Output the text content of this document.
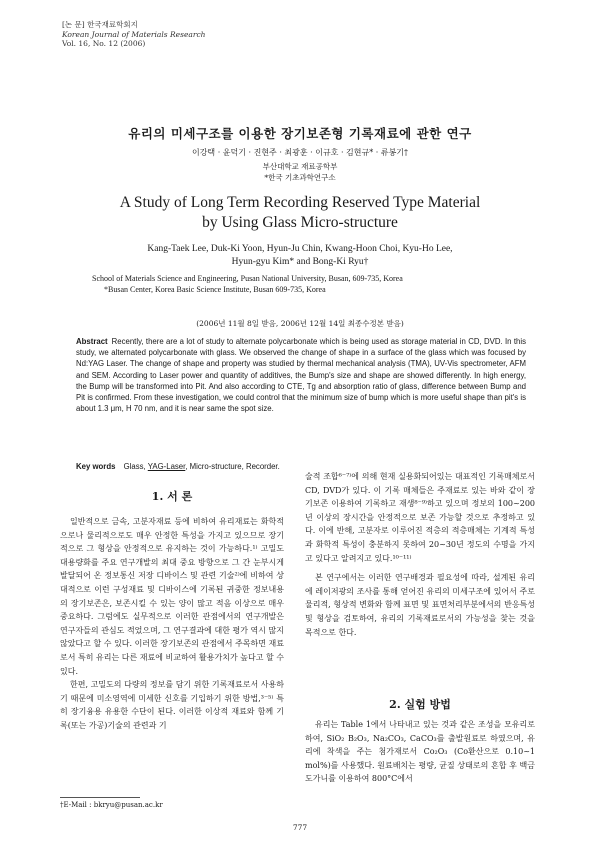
[논 문] 한국재료학회지
Korean Journal of Materials Research
Vol. 16, No. 12 (2006)
유리의 미세구조를 이용한 장기보존형 기록재료에 관한 연구
이강택 · 윤덕기 · 진현주 · 최광훈 · 이규호 · 김현규* · 류봉기†
부산대학교 재료공학부
*한국 기초과학연구소
A Study of Long Term Recording Reserved Type Material
by Using Glass Micro-structure
Kang-Taek Lee, Duk-Ki Yoon, Hyun-Ju Chin, Kwang-Hoon Choi, Kyu-Ho Lee,
Hyun-gyu Kim* and Bong-Ki Ryu†
School of Materials Science and Engineering, Pusan National University, Busan, 609-735, Korea
*Busan Center, Korea Basic Science Institute, Busan 609-735, Korea
(2006년 11월 8일 받음, 2006년 12월 14일 최종수정본 받음)
Abstract Recently, there are a lot of study to alternate polycarbonate which is being used as storage material in CD, DVD. In this study, we alternated polycarbonate with glass. We observed the change of shape in a surface of the glass which was focused by Nd:YAG Laser. The change of shape and property was studied by thermal mechanical analysis (TMA), UV-Vis spectrometer, AFM and SEM. According to Laser power and quantity of additives, the Bump's size and shape are showed differently. In high energy, the Bump will be transformed into Pit. And also according to CTE, Tg and absorption ratio of glass, difference between Bump and Pit is confirmed. From these investigation, we could control that the minimum size of bump which is more useful shape than pit's is about 1.3 μm, H 70 nm, and it is near same the spot size.
Key words Glass, YAG-Laser, Micro-structure, Recorder.
1. 서 론

일반적으로 금속, 고분자재료 등에 비하여 유리재료는 화학적으로나 물리적으로도 매우 안정한 특성을 가지고 있으므로 장기적으로 그 형상을 안정적으로 유지하는 것이 가능하다.¹⁾ 고밀도 대용량화를 주요 연구개발의 최대 중요 방향으로 그 간 눈부시게 발달되어 온 정보통신 저장 디바이스 및 관련 기술²⁾에 비하여 상대적으로 이런 구성재료 및 디바이스에 기록된 귀중한 정보내용의 장기보존은, 보존시킬 수 있는 양이 많고 적음 이상으로 매우 중요하다. 그럼에도 실무적으로 이러한 관점에서의 연구개발은 연구자들의 관심도 적었으며, 그 연구결과에 대한 평가 역시 많지 않았다고 할 수 있다. 이러한 장기보존의 관점에서 주목하면 재료로서 특히 유리는 다른 재료에 비교하여 활용가치가 높다고 할 수 있다.

한편, 고밀도의 다량의 정보를 담기 위한 기록재료로서 사용하기 때문에 미소영역에 미세한 신호를 기입하기 위한 방법,³⁻⁵⁾ 특히 장기융용 유용한 수단이 된다. 이러한 이상적 재료와 함께 기록(또는 가공)기술의 관련과 기

술적 조합⁶⁻⁷⁾에 의해 현재 실용화되어있는 대표적인 기록매체로서 CD, DVD가 있다. 이 기록 매체들은 주재료로 있는 바와 같이 장기보존 이용하여 기록하고 재생⁸⁻⁹⁾하고 있으며 정보의 100~200년 이상의 장시간을 안정적으로 보존 가능할 것으로 추정하고 있다. 이에 반해, 고분자로 이루어진 적층의 적층매체는 기계적 특성과 화학적 특성이 충분하지 못하여 20~30년 정도의 수명을 가지고 있다고 알려지고 있다.¹⁰⁻¹¹⁾

본 연구에서는 이러한 연구배경과 필요성에 따라, 설계된 유리에 레이저광의 조사를 통해 얻어진 유리의 미세구조에 있어서 주로 물리적, 형상적 변화와 함께 표면 및 표면처리부분에서의 반응특성 및 형상을 검토하여, 유리의 기록재료로서의 가능성을 찾는 것을 목적으로 한다.

2. 실험 방법

유리는 Table 1에서 나타내고 있는 것과 같은 조성을 모유리로 하여, SiO₂ B₂O₃, Na₂CO₃, CaCO₃를 출발원료로 하였으며, 유리에 착색을 주는 첨가재로서 Co₂O₃ (Co환산으로 0.10~1 mol%)를 사용했다. 원료배치는 평량, 균질 상태로의 혼합 후 백금도가니를 이용하여 800°C에서

†E-Mail : bkryu@pusan.ac.kr
777
